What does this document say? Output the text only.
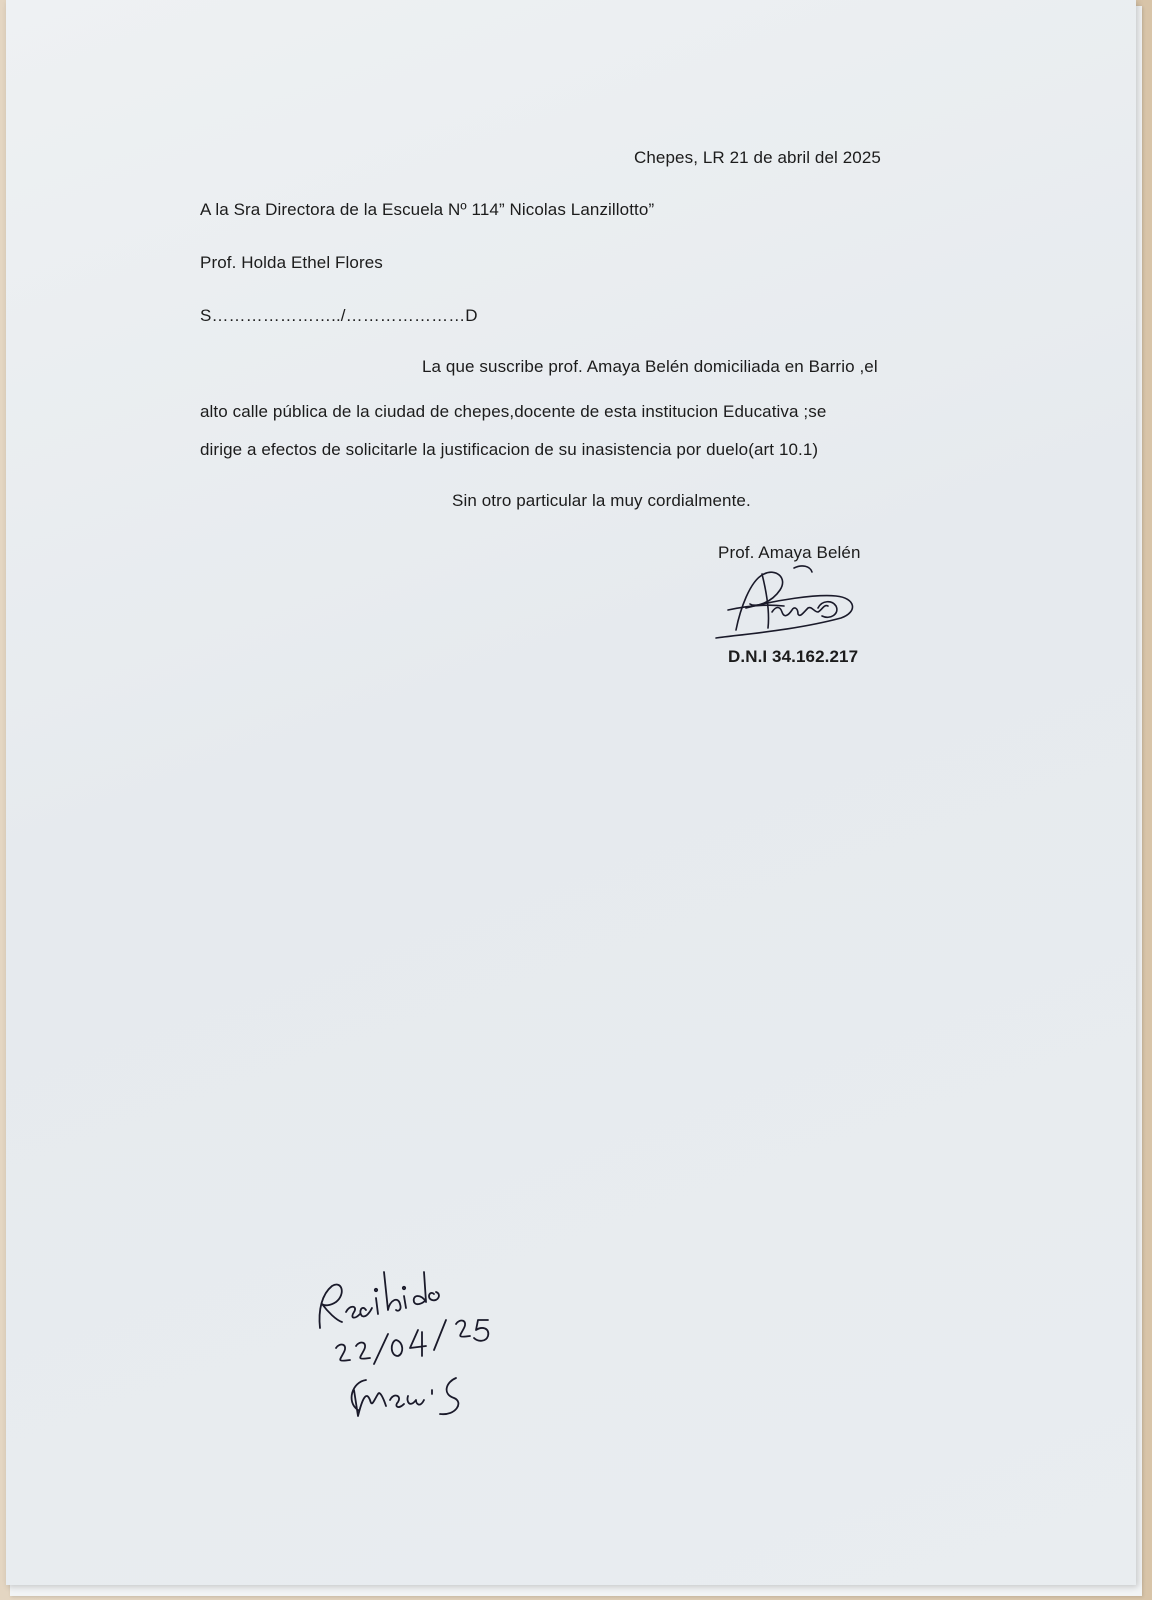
Chepes, LR 21 de abril del 2025
A la Sra Directora de la Escuela Nº 114” Nicolas Lanzillotto”
Prof. Holda Ethel Flores
S…………………../…………………D
La que suscribe prof. Amaya Belén domiciliada en Barrio ,el
alto calle pública de la ciudad de chepes,docente de esta institucion Educativa ;se
dirige a efectos de solicitarle la justificacion de su inasistencia por duelo(art 10.1)
Sin otro particular la muy cordialmente.
Prof. Amaya Belén
D.N.I 34.162.217
